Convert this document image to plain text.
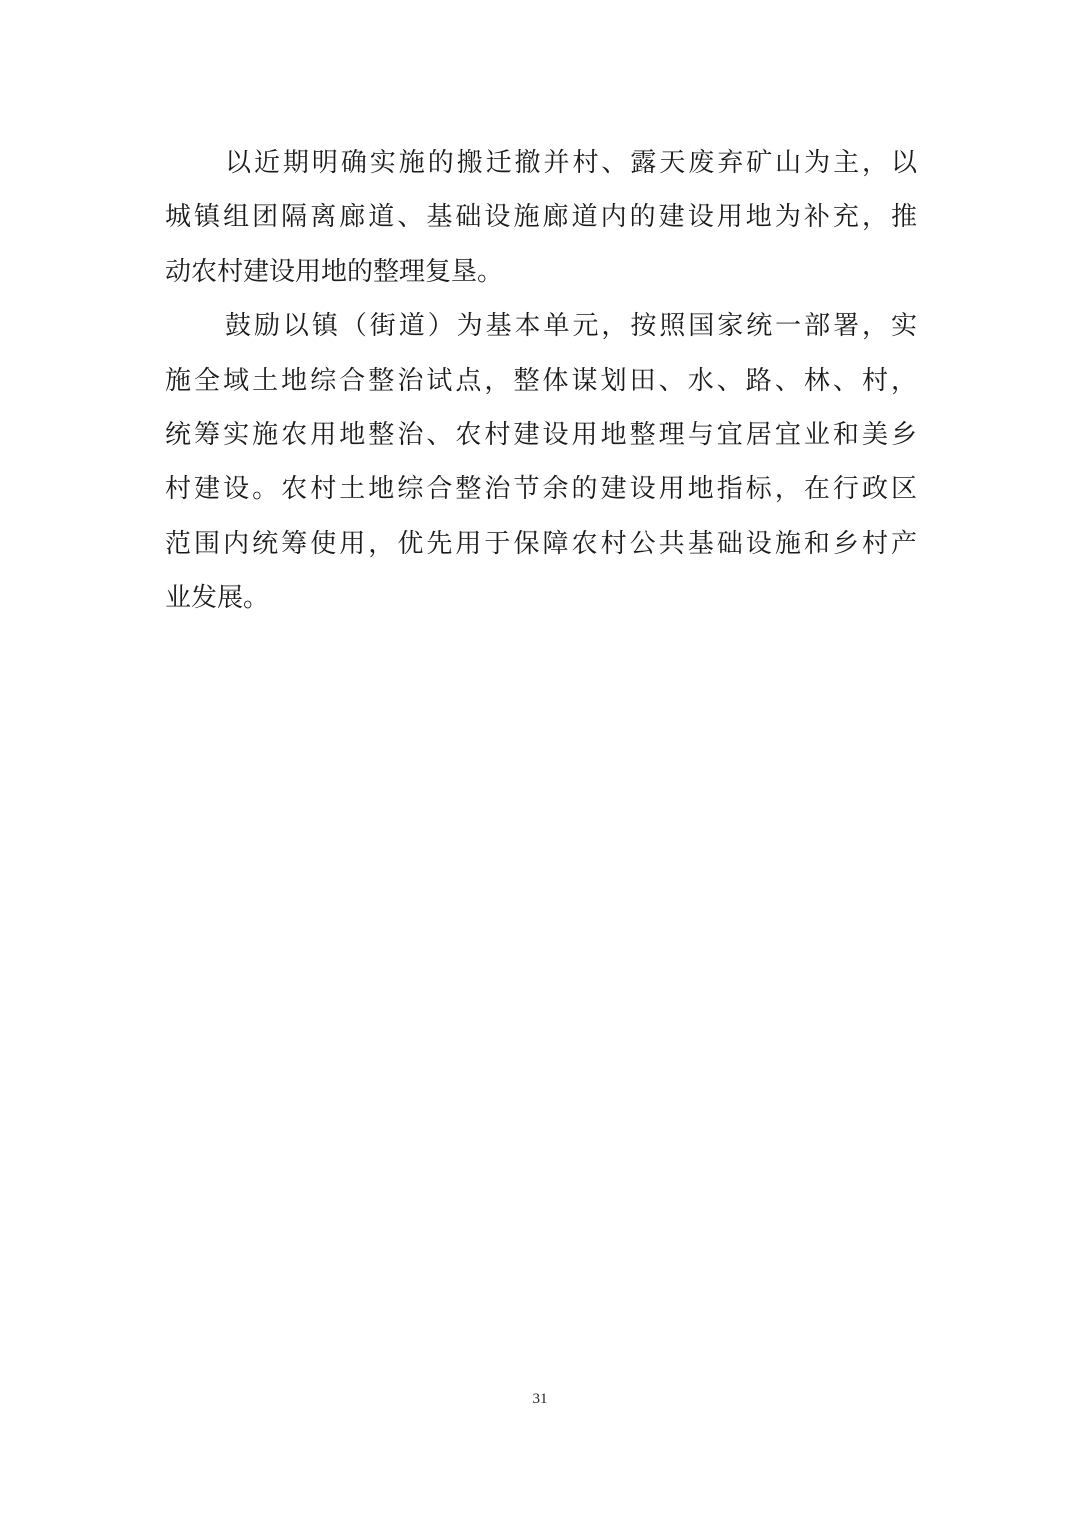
以近期明确实施的搬迁撤并村、露天废弃矿山为主，以
城镇组团隔离廊道、基础设施廊道内的建设用地为补充，推
动农村建设用地的整理复垦。

鼓励以镇（街道）为基本单元，按照国家统一部署，实
施全域土地综合整治试点，整体谋划田、水、路、林、村，
统筹实施农用地整治、农村建设用地整理与宜居宜业和美乡
村建设。农村土地综合整治节余的建设用地指标，在行政区
范围内统筹使用，优先用于保障农村公共基础设施和乡村产
业发展。

31
